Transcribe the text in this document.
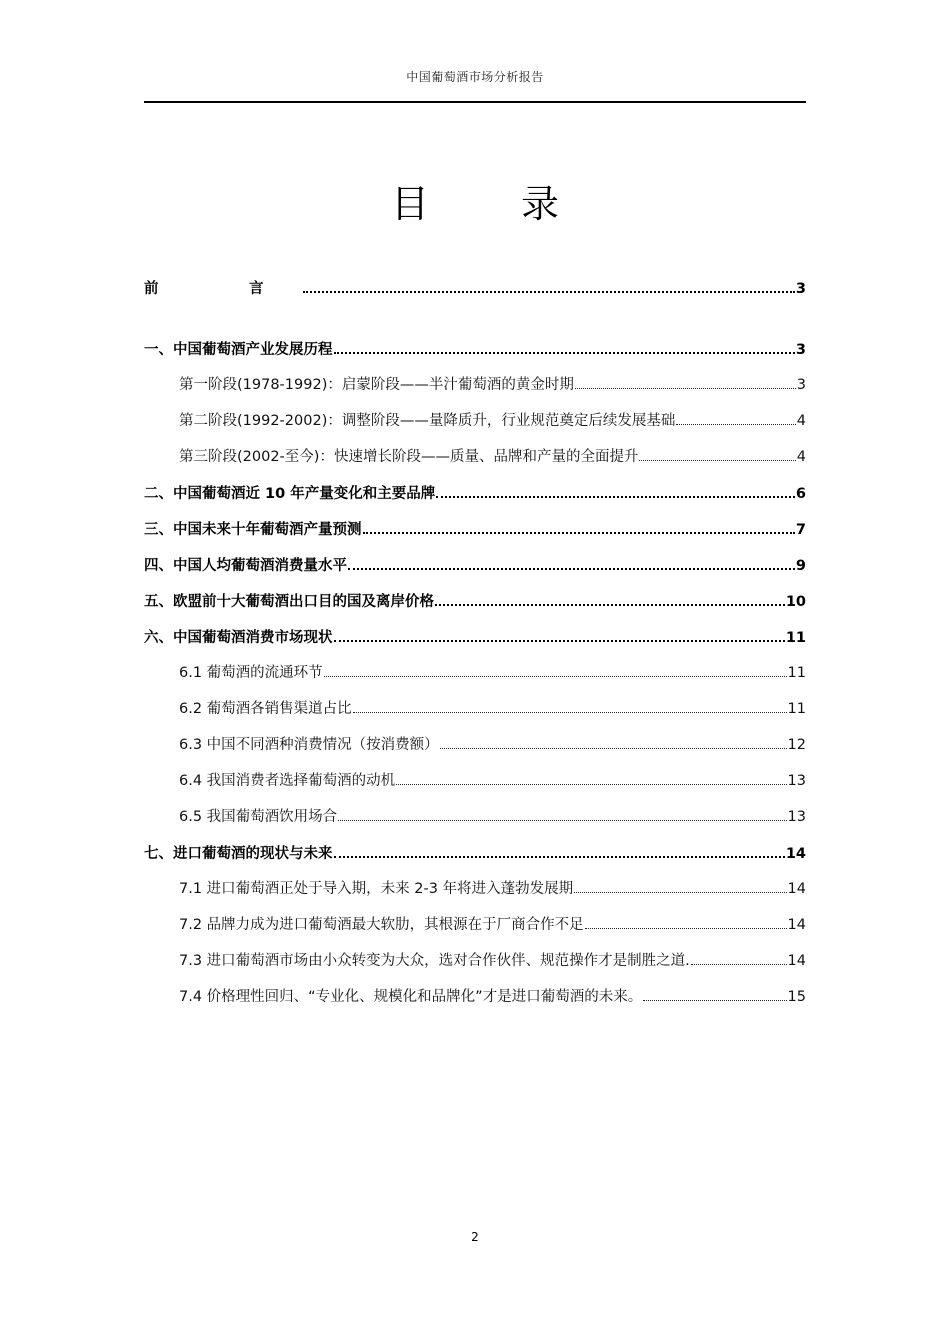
中国葡萄酒市场分析报告
目 录
前　言	3
一、中国葡萄酒产业发展历程	3
第一阶段(1978-1992)：启蒙阶段——半汁葡萄酒的黄金时期	3
第二阶段(1992-2002)：调整阶段——量降质升，行业规范奠定后续发展基础	4
第三阶段(2002-至今)：快速增长阶段——质量、品牌和产量的全面提升	4
二、中国葡萄酒近 10 年产量变化和主要品牌	6
三、中国未来十年葡萄酒产量预测	7
四、中国人均葡萄酒消费量水平	9
五、欧盟前十大葡萄酒出口目的国及离岸价格	10
六、中国葡萄酒消费市场现状	11
6.1 葡萄酒的流通环节	11
6.2 葡萄酒各销售渠道占比	11
6.3 中国不同酒种消费情况（按消费额）	12
6.4 我国消费者选择葡萄酒的动机	13
6.5 我国葡萄酒饮用场合	13
七、进口葡萄酒的现状与未来	14
7.1 进口葡萄酒正处于导入期，未来 2-3 年将进入蓬勃发展期	14
7.2 品牌力成为进口葡萄酒最大软肋，其根源在于厂商合作不足	14
7.3 进口葡萄酒市场由小众转变为大众，选对合作伙伴、规范操作才是制胜之道.	14
7.4 价格理性回归、“专业化、规模化和品牌化”才是进口葡萄酒的未来。	15
2
